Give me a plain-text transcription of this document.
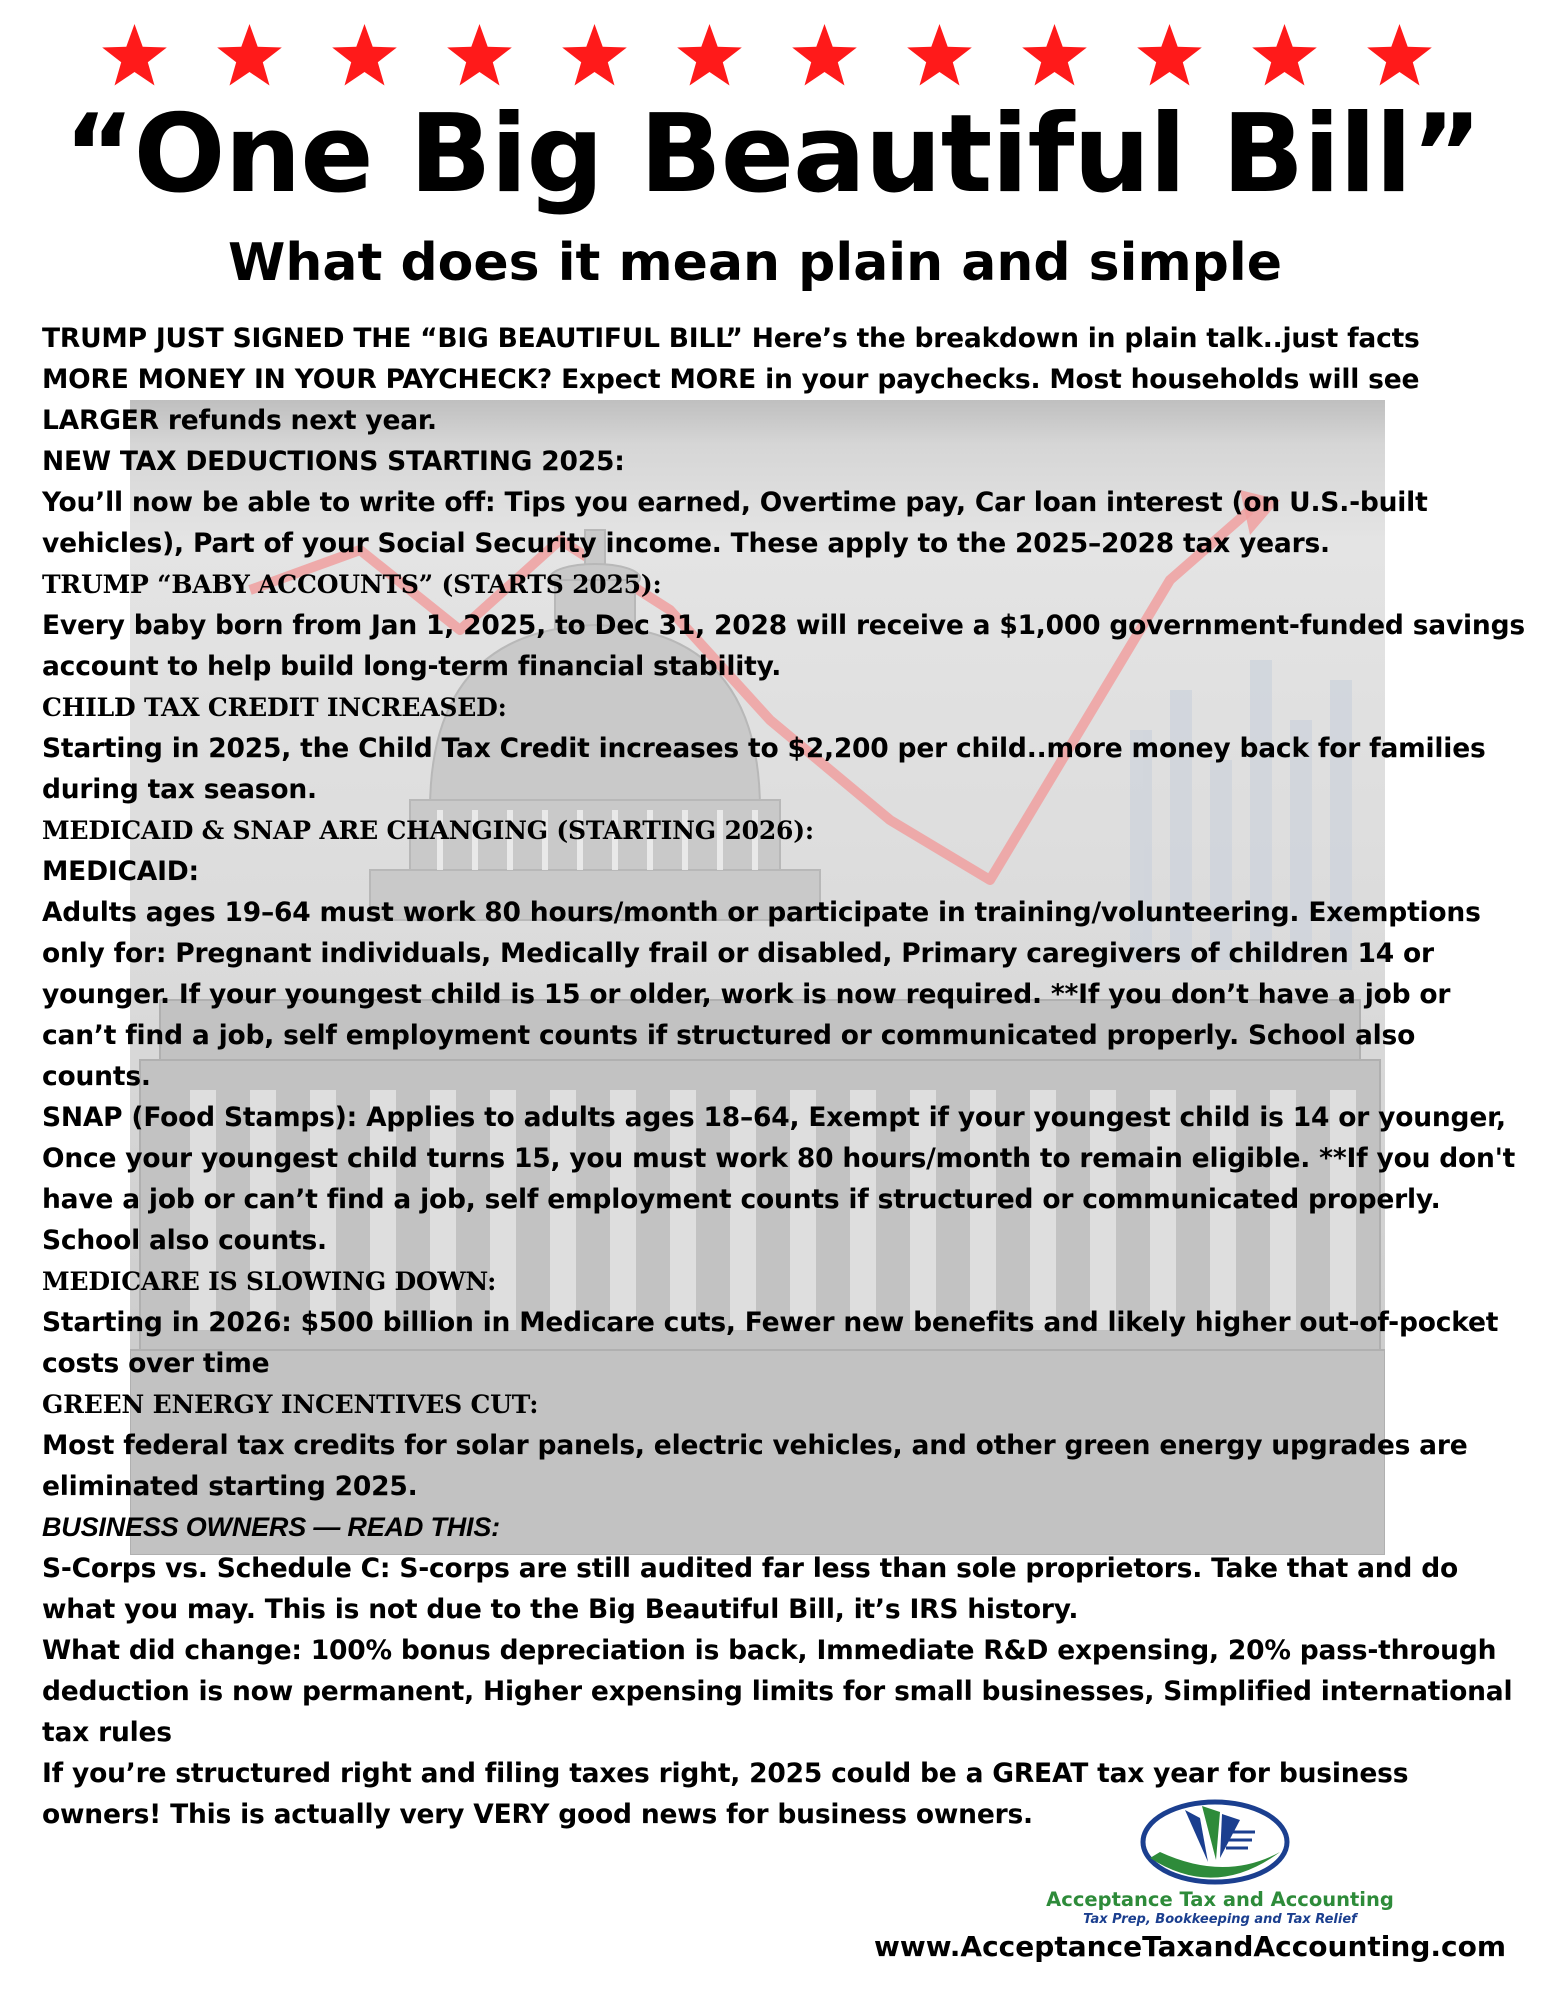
“One Big Beautiful Bill”
What does it mean plain and simple

TRUMP JUST SIGNED THE “BIG BEAUTIFUL BILL” Here’s the breakdown in plain talk..just facts

MORE MONEY IN YOUR PAYCHECK? Expect MORE in your paychecks. Most households will see LARGER refunds next year.

NEW TAX DEDUCTIONS STARTING 2025:

You’ll now be able to write off: Tips you earned, Overtime pay, Car loan interest (on U.S.-built vehicles), Part of your Social Security income. These apply to the 2025–2028 tax years.

TRUMP “BABY ACCOUNTS” (STARTS 2025):

Every baby born from Jan 1, 2025, to Dec 31, 2028 will receive a $1,000 government-funded savings account to help build long-term financial stability.

CHILD TAX CREDIT INCREASED:

Starting in 2025, the Child Tax Credit increases to $2,200 per child..more money back for families during tax season.

MEDICAID & SNAP ARE CHANGING (STARTING 2026):

MEDICAID:

Adults ages 19–64 must work 80 hours/month or participate in training/volunteering. Exemptions only for: Pregnant individuals, Medically frail or disabled, Primary caregivers of children 14 or younger. If your youngest child is 15 or older, work is now required. **If you don’t have a job or can’t find a job, self employment counts if structured or communicated properly. School also counts.

SNAP (Food Stamps): Applies to adults ages 18–64, Exempt if your youngest child is 14 or younger, Once your youngest child turns 15, you must work 80 hours/month to remain eligible. **If you don't have a job or can’t find a job, self employment counts if structured or communicated properly. School also counts.

MEDICARE IS SLOWING DOWN:

Starting in 2026: $500 billion in Medicare cuts, Fewer new benefits and likely higher out-of-pocket costs over time

GREEN ENERGY INCENTIVES CUT:

Most federal tax credits for solar panels, electric vehicles, and other green energy upgrades are eliminated starting 2025.

BUSINESS OWNERS — READ THIS:

S-Corps vs. Schedule C: S-corps are still audited far less than sole proprietors. Take that and do what you may. This is not due to the Big Beautiful Bill, it’s IRS history.

What did change: 100% bonus depreciation is back, Immediate R&D expensing, 20% pass-through deduction is now permanent, Higher expensing limits for small businesses, Simplified international tax rules

If you’re structured right and filing taxes right, 2025 could be a GREAT tax year for business owners! This is actually very VERY good news for business owners.

Acceptance Tax and Accounting
Tax Prep, Bookkeeping and Tax Relief
www.AcceptanceTaxandAccounting.com
